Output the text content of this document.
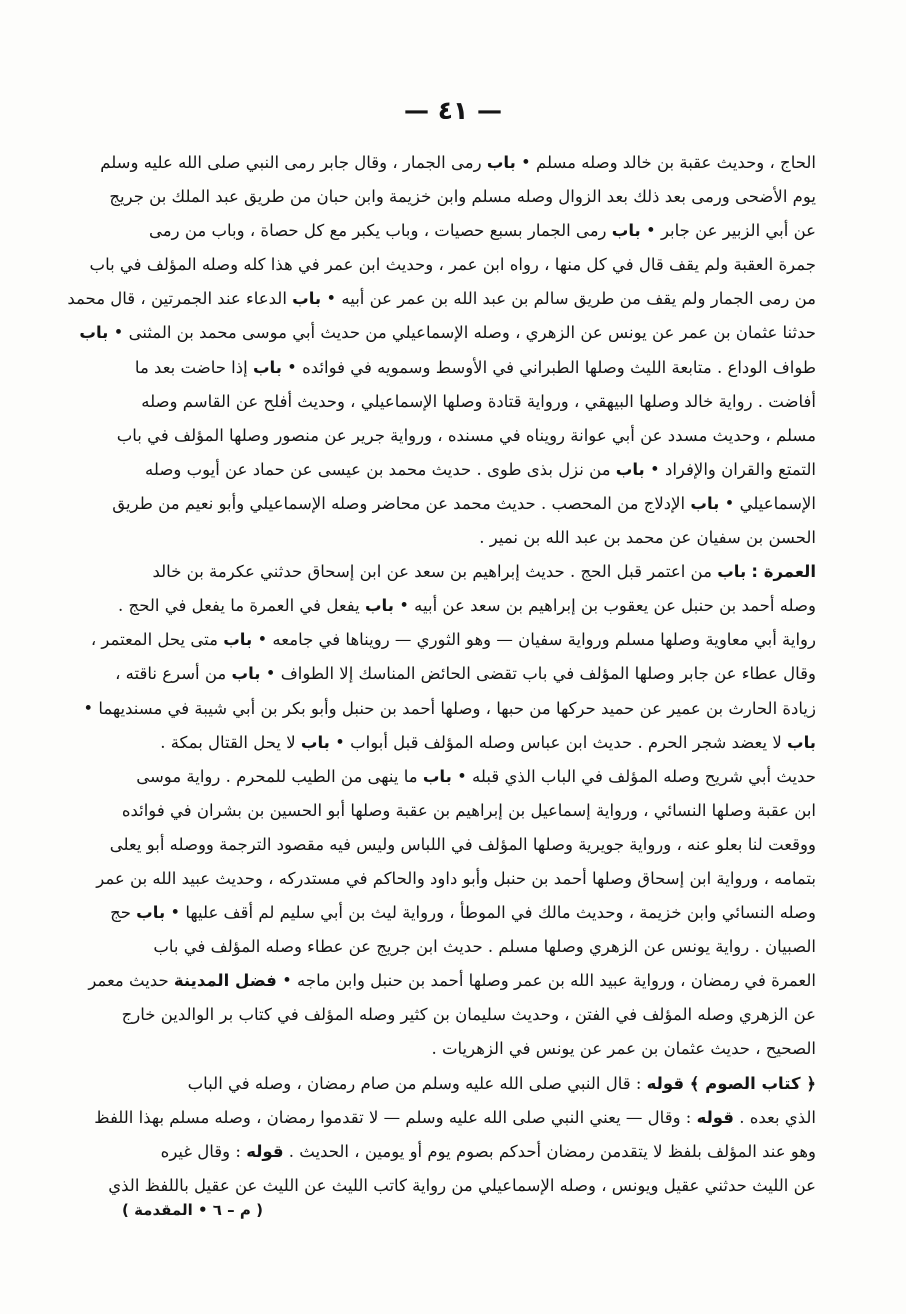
— ٤١ —
الحاج ، وحديث عقبة بن خالد وصله مسلم • باب رمى الجمار ، وقال جابر رمى النبي صلى الله عليه وسلم
يوم الأضحى ورمى بعد ذلك بعد الزوال وصله مسلم وابن خزيمة وابن حبان من طريق عبد الملك بن جريج
عن أبي الزبير عن جابر • باب رمى الجمار بسبع حصيات ، وباب يكبر مع كل حصاة ، وباب من رمى
جمرة العقبة ولم يقف قال في كل منها ، رواه ابن عمر ، وحديث ابن عمر في هذا كله وصله المؤلف في باب
من رمى الجمار ولم يقف من طريق سالم بن عبد الله بن عمر عن أبيه • باب الدعاء عند الجمرتين ، قال محمد
حدثنا عثمان بن عمر عن يونس عن الزهري ، وصله الإسماعيلي من حديث أبي موسى محمد بن المثنى • باب
طواف الوداع . متابعة الليث وصلها الطبراني في الأوسط وسمويه في فوائده • باب إذا حاضت بعد ما
أفاضت . رواية خالد وصلها البيهقي ، ورواية قتادة وصلها الإسماعيلي ، وحديث أفلح عن القاسم وصله
مسلم ، وحديث مسدد عن أبي عوانة رويناه في مسنده ، ورواية جرير عن منصور وصلها المؤلف في باب
التمتع والقران والإفراد • باب من نزل بذى طوى . حديث محمد بن عيسى عن حماد عن أيوب وصله
الإسماعيلي • باب الإدلاج من المحصب . حديث محمد عن محاضر وصله الإسماعيلي وأبو نعيم من طريق
الحسن بن سفيان عن محمد بن عبد الله بن نمير .
العمرة : باب من اعتمر قبل الحج . حديث إبراهيم بن سعد عن ابن إسحاق حدثني عكرمة بن خالد
وصله أحمد بن حنبل عن يعقوب بن إبراهيم بن سعد عن أبيه • باب يفعل في العمرة ما يفعل في الحج .
رواية أبي معاوية وصلها مسلم ورواية سفيان — وهو الثوري — رويناها في جامعه • باب متى يحل المعتمر ،
وقال عطاء عن جابر وصلها المؤلف في باب تقضى الحائض المناسك إلا الطواف • باب من أسرع ناقته ،
زيادة الحارث بن عمير عن حميد حركها من حبها ، وصلها أحمد بن حنبل وأبو بكر بن أبي شيبة في مسنديهما •
باب لا يعضد شجر الحرم . حديث ابن عباس وصله المؤلف قبل أبواب • باب لا يحل القتال بمكة .
حديث أبي شريح وصله المؤلف في الباب الذي قبله • باب ما ينهى من الطيب للمحرم . رواية موسى
ابن عقبة وصلها النسائي ، ورواية إسماعيل بن إبراهيم بن عقبة وصلها أبو الحسين بن بشران في فوائده
ووقعت لنا بعلو عنه ، ورواية جويرية وصلها المؤلف في اللباس وليس فيه مقصود الترجمة ووصله أبو يعلى
بتمامه ، ورواية ابن إسحاق وصلها أحمد بن حنبل وأبو داود والحاكم في مستدركه ، وحديث عبيد الله بن عمر
وصله النسائي وابن خزيمة ، وحديث مالك في الموطأ ، ورواية ليث بن أبي سليم لم أقف عليها • باب حج
الصبيان . رواية يونس عن الزهري وصلها مسلم . حديث ابن جريج عن عطاء وصله المؤلف في باب
العمرة في رمضان ، ورواية عبيد الله بن عمر وصلها أحمد بن حنبل وابن ماجه • فضل المدينة حديث معمر
عن الزهري وصله المؤلف في الفتن ، وحديث سليمان بن كثير وصله المؤلف في كتاب بر الوالدين خارج
الصحيح ، حديث عثمان بن عمر عن يونس في الزهريات .
﴿ كتاب الصوم ﴾ قوله : قال النبي صلى الله عليه وسلم من صام رمضان ، وصله في الباب
الذي بعده . قوله : وقال — يعني النبي صلى الله عليه وسلم — لا تقدموا رمضان ، وصله مسلم بهذا اللفظ
وهو عند المؤلف بلفظ لا يتقدمن رمضان أحدكم بصوم يوم أو يومين ، الحديث . قوله : وقال غيره
عن الليث حدثني عقيل ويونس ، وصله الإسماعيلي من رواية كاتب الليث عن الليث عن عقيل باللفظ الذي
( م – ٦ • المقدمة )
